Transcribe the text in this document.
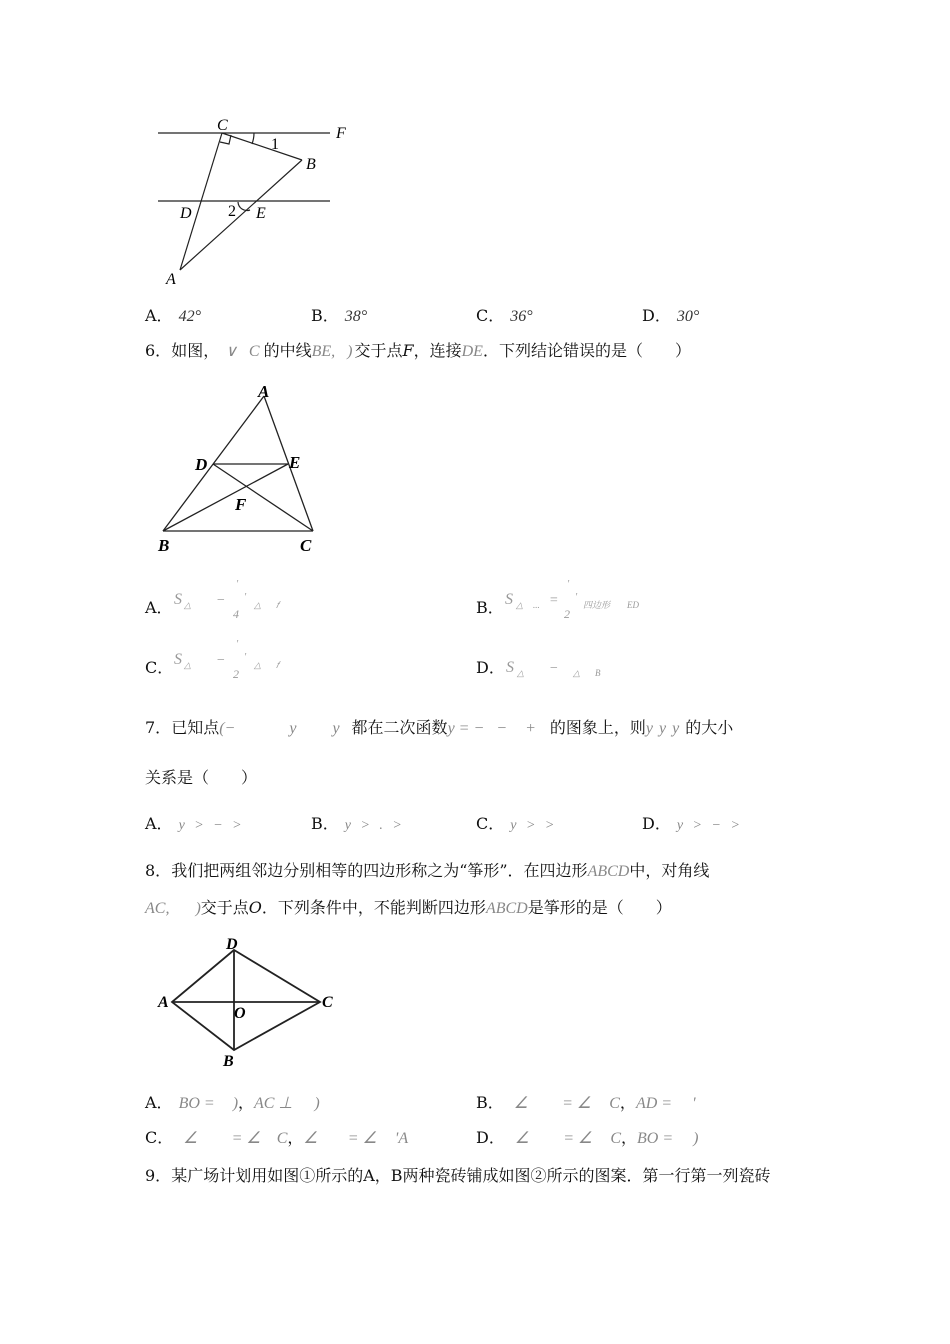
C	F
1
B
D 2 E
A
A． 42°	B． 38°	C． 36°	D． 30°
6．如图， ∨ C 的中线BE, ) 交于点F，连接DE．下列结论错误的是（　　）
A
D	E
F
B	C
A． S △ −
'
4
'
△ 𝑓	B． S △ ... =
'
2
'
四边形 ED
C． S △ −
'
2
'
△ 𝑓	D． S △ − △ B
7．已知点(−	y y 都在二次函数y = − − + 的图象上，则y y y 的大小
关系是（　　）
A． y > − >	B． y > . >	C． y > >	D． y > − >
8．我们把两组邻边分别相等的四边形称之为“筝形”．在四边形ABCD中，对角线
AC, )交于点O．下列条件中，不能判断四边形ABCD是筝形的是（　　）
D
A
O
C
B
A． BO = )，AC ⊥ )	B． ∠ = ∠ C，AD = '
C． ∠ = ∠ C，∠ = ∠ 'A	D． ∠ = ∠ C，BO = )
9．某广场计划用如图①所示的A，B两种瓷砖铺成如图②所示的图案．第一行第一列瓷砖
